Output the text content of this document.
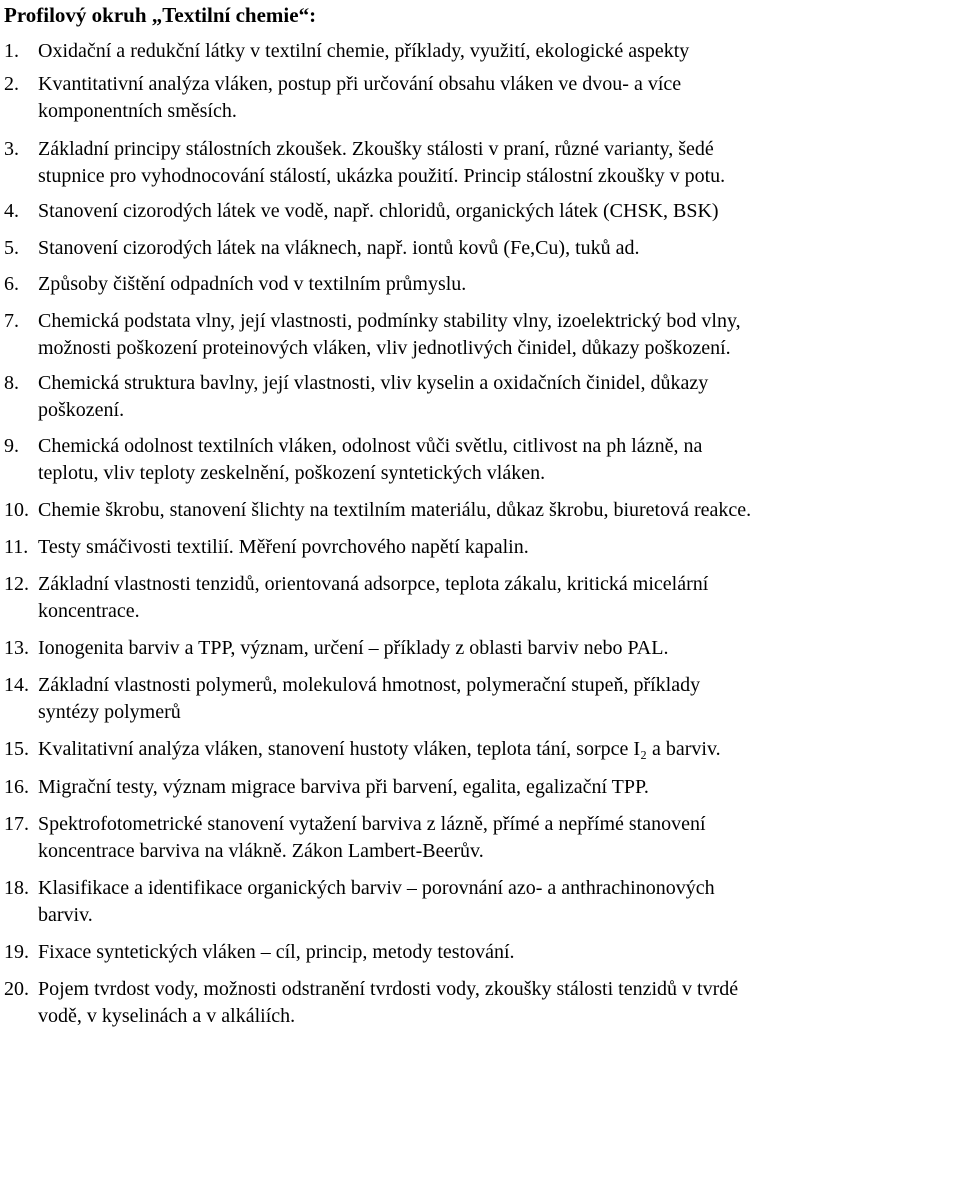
Profilový okruh „Textilní chemie“:
1. Oxidační a redukční látky v textilní chemie, příklady, využití, ekologické aspekty
2. Kvantitativní analýza vláken, postup při určování obsahu vláken ve dvou- a více
komponentních směsích.
3. Základní principy stálostních zkoušek. Zkoušky stálosti v praní, různé varianty, šedé
stupnice pro vyhodnocování stálostí, ukázka použití. Princip stálostní zkoušky v potu.
4. Stanovení cizorodých látek ve vodě, např. chloridů, organických látek (CHSK, BSK)
5. Stanovení cizorodých látek na vláknech, např. iontů kovů (Fe,Cu), tuků ad.
6. Způsoby čištění odpadních vod v textilním průmyslu.
7. Chemická podstata vlny, její vlastnosti, podmínky stability vlny, izoelektrický bod vlny,
možnosti poškození proteinových vláken, vliv jednotlivých činidel, důkazy poškození.
8. Chemická struktura bavlny, její vlastnosti, vliv kyselin a oxidačních činidel, důkazy
poškození.
9. Chemická odolnost textilních vláken, odolnost vůči světlu, citlivost na ph lázně, na
teplotu, vliv teploty zeskelnění, poškození syntetických vláken.
10. Chemie škrobu, stanovení šlichty na textilním materiálu, důkaz škrobu, biuretová reakce.
11. Testy smáčivosti textilií. Měření povrchového napětí kapalin.
12. Základní vlastnosti tenzidů, orientovaná adsorpce, teplota zákalu, kritická micelární
koncentrace.
13. Ionogenita barviv a TPP, význam, určení – příklady z oblasti barviv nebo PAL.
14. Základní vlastnosti polymerů, molekulová hmotnost, polymerační stupeň, příklady
syntézy polymerů
15. Kvalitativní analýza vláken, stanovení hustoty vláken, teplota tání, sorpce I₂ a barviv.
16. Migrační testy, význam migrace barviva při barvení, egalita, egalizační TPP.
17. Spektrofotometrické stanovení vytažení barviva z lázně, přímé a nepřímé stanovení
koncentrace barviva na vlákně. Zákon Lambert-Beerův.
18. Klasifikace a identifikace organických barviv – porovnání azo- a anthrachinonových
barviv.
19. Fixace syntetických vláken – cíl, princip, metody testování.
20. Pojem tvrdost vody, možnosti odstranění tvrdosti vody, zkoušky stálosti tenzidů v tvrdé
vodě, v kyselinách a v alkáliích.
